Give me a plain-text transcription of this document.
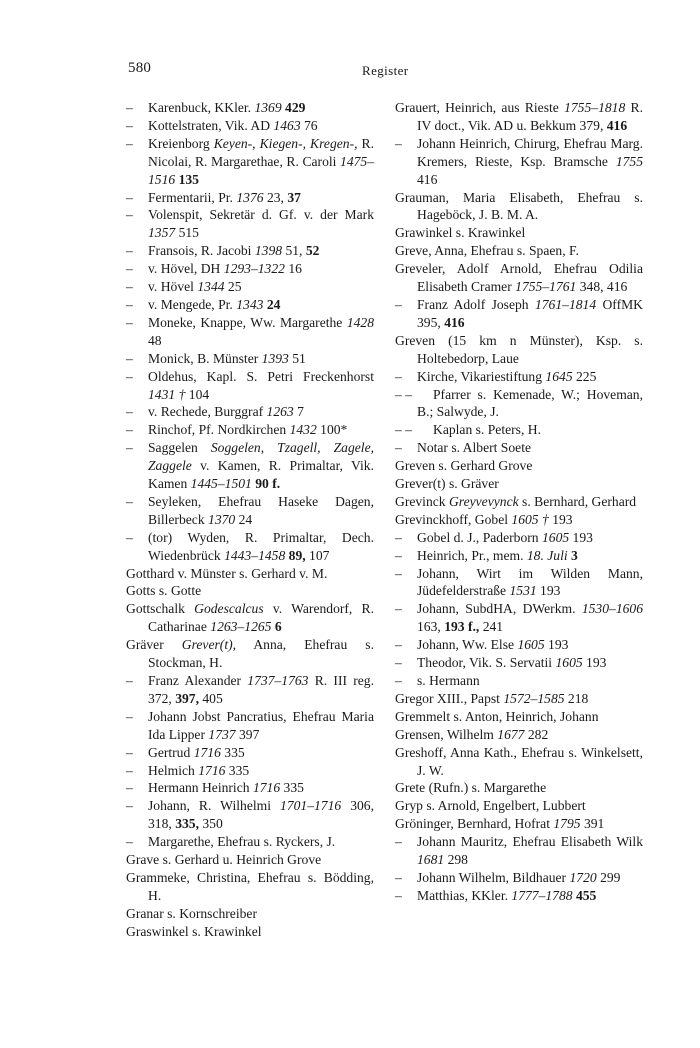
580	Register

– Karenbuck, KKler. 1369 429

– Kottelstraten, Vik. AD 1463 76

– Kreienborg Keyen-, Kiegen-, Kregen-, R. Nicolai, R. Margarethae, R. Caroli 1475–1516 135

– Fermentarii, Pr. 1376 23, 37

– Volenspit, Sekretär d. Gf. v. der Mark 1357 515

– Fransois, R. Jacobi 1398 51, 52

– v. Hövel, DH 1293–1322 16

– v. Hövel 1344 25

– v. Mengede, Pr. 1343 24

– Moneke, Knappe, Ww. Margarethe 1428 48

– Monick, B. Münster 1393 51

– Oldehus, Kapl. S. Petri Freckenhorst 1431 † 104

– v. Rechede, Burggraf 1263 7

– Rinchof, Pf. Nordkirchen 1432 100*

– Saggelen Soggelen, Tzagell, Zagele, Zaggele v. Kamen, R. Primaltar, Vik. Kamen 1445–1501 90 f.

– Seyleken, Ehefrau Haseke Dagen, Billerbeck 1370 24

– (tor) Wyden, R. Primaltar, Dech. Wiedenbrück 1443–1458 89, 107

Gotthard v. Münster s. Gerhard v. M.

Gotts s. Gotte

Gottschalk Godescalcus v. Warendorf, R. Catharinae 1263–1265 6

Gräver Grever(t), Anna, Ehefrau s. Stockman, H.

– Franz Alexander 1737–1763 R. III reg. 372, 397, 405

– Johann Jobst Pancratius, Ehefrau Maria Ida Lipper 1737 397

– Gertrud 1716 335

– Helmich 1716 335

– Hermann Heinrich 1716 335

– Johann, R. Wilhelmi 1701–1716 306, 318, 335, 350

– Margarethe, Ehefrau s. Ryckers, J.

Grave s. Gerhard u. Heinrich Grove

Grammeke, Christina, Ehefrau s. Bödding, H.

Granar s. Kornschreiber

Graswinkel s. Krawinkel

Grauert, Heinrich, aus Rieste 1755–1818 R. IV doct., Vik. AD u. Bekkum 379, 416

– Johann Heinrich, Chirurg, Ehefrau Marg. Kremers, Rieste, Ksp. Bramsche 1755 416

Grauman, Maria Elisabeth, Ehefrau s. Hageböck, J. B. M. A.

Grawinkel s. Krawinkel

Greve, Anna, Ehefrau s. Spaen, F.

Greveler, Adolf Arnold, Ehefrau Odilia Elisabeth Cramer 1755–1761 348, 416

– Franz Adolf Joseph 1761–1814 OffMK 395, 416

Greven (15 km n Münster), Ksp. s. Holtebedorp, Laue

– Kirche, Vikariestiftung 1645 225

– – Pfarrer s. Kemenade, W.; Hoveman, B.; Salwyde, J.

– – Kaplan s. Peters, H.

– Notar s. Albert Soete

Greven s. Gerhard Grove

Grever(t) s. Gräver

Grevinck Greyvevynck s. Bernhard, Gerhard

Grevinckhoff, Gobel 1605 † 193

– Gobel d. J., Paderborn 1605 193

– Heinrich, Pr., mem. 18. Juli 3

– Johann, Wirt im Wilden Mann, Jüdefelderstraße 1531 193

– Johann, SubdHA, DWerkm. 1530–1606 163, 193 f., 241

– Johann, Ww. Else 1605 193

– Theodor, Vik. S. Servatii 1605 193

– s. Hermann

Gregor XIII., Papst 1572–1585 218

Gremmelt s. Anton, Heinrich, Johann

Grensen, Wilhelm 1677 282

Greshoff, Anna Kath., Ehefrau s. Winkelsett, J. W.

Grete (Rufn.) s. Margarethe

Gryp s. Arnold, Engelbert, Lubbert

Gröninger, Bernhard, Hofrat 1795 391

– Johann Mauritz, Ehefrau Elisabeth Wilk 1681 298

– Johann Wilhelm, Bildhauer 1720 299

– Matthias, KKler. 1777–1788 455
